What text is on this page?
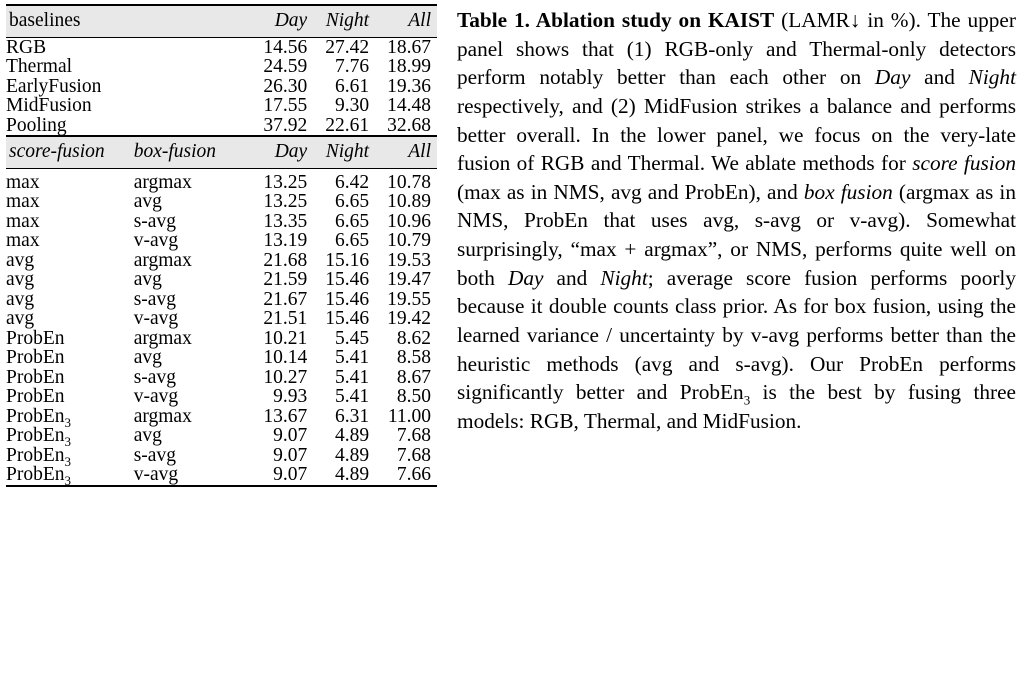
baselines		Day	Night	All
RGB		14.56	27.42	18.67
Thermal		24.59	7.76	18.99
EarlyFusion		26.30	6.61	19.36
MidFusion		17.55	9.30	14.48
Pooling		37.92	22.61	32.68
score-fusion	box-fusion	Day	Night	All

max	argmax	13.25	6.42	10.78
max	avg	13.25	6.65	10.89
max	s-avg	13.35	6.65	10.96
max	v-avg	13.19	6.65	10.79
avg	argmax	21.68	15.16	19.53
avg	avg	21.59	15.46	19.47
avg	s-avg	21.67	15.46	19.55
avg	v-avg	21.51	15.46	19.42
ProbEn	argmax	10.21	5.45	8.62
ProbEn	avg	10.14	5.41	8.58
ProbEn	s-avg	10.27	5.41	8.67
ProbEn	v-avg	9.93	5.41	8.50
ProbEn$_3$	argmax	13.67	6.31	11.00
ProbEn$_3$	avg	9.07	4.89	7.68
ProbEn$_3$	s-avg	9.07	4.89	7.68
ProbEn$_3$	v-avg	9.07	4.89	7.66
Table 1. Ablation study on KAIST (LAMR↓ in %). The upper panel shows that (1) RGB-only and Thermal-only detectors perform notably better than each other on Day and Night respectively, and (2) MidFusion strikes a balance and performs better overall. In the lower panel, we focus on the very-late fusion of RGB and Thermal. We ablate methods for score fusion (max as in NMS, avg and ProbEn), and box fusion (argmax as in NMS, ProbEn that uses avg, s-avg or v-avg). Somewhat surprisingly, “max + argmax”, or NMS, performs quite well on both Day and Night; average score fusion performs poorly because it double counts class prior. As for box fusion, using the learned variance / uncertainty by v-avg performs better than the heuristic methods (avg and s-avg). Our ProbEn performs significantly better and ProbEn$_3$ is the best by fusing three models: RGB, Thermal, and MidFusion.
